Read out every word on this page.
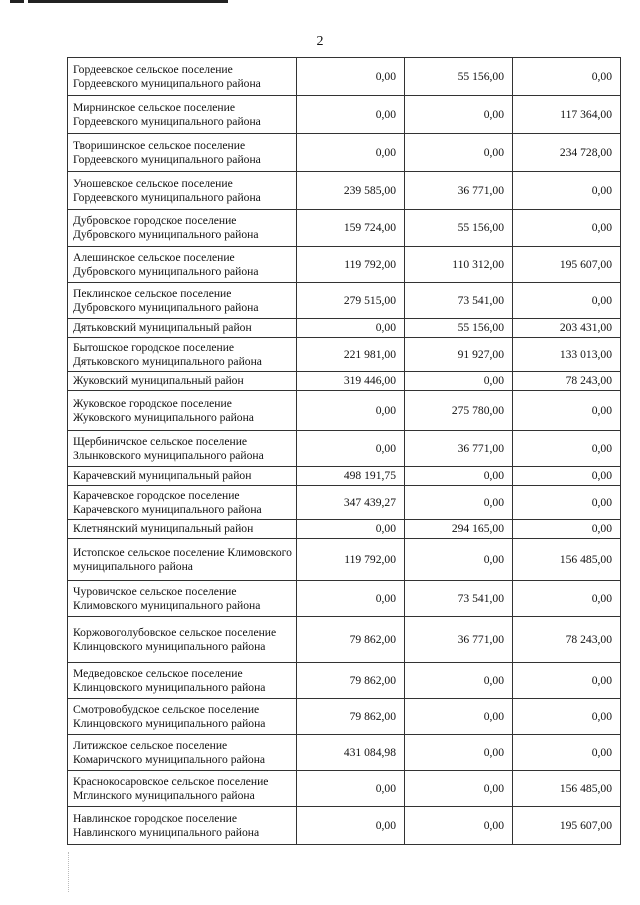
2
Гордеевское сельское поселение Гордеевского муниципального района	0,00	55 156,00	0,00
Мирнинское сельское поселение Гордеевского муниципального района	0,00	0,00	117 364,00
Творишинское сельское поселение Гордеевского муниципального района	0,00	0,00	234 728,00
Уношевское сельское поселение Гордеевского муниципального района	239 585,00	36 771,00	0,00
Дубровское городское поселение Дубровского муниципального района	159 724,00	55 156,00	0,00
Алешинское сельское поселение Дубровского муниципального района	119 792,00	110 312,00	195 607,00
Пеклинское сельское поселение Дубровского муниципального района	279 515,00	73 541,00	0,00
Дятьковский муниципальный район	0,00	55 156,00	203 431,00
Бытошское городское поселение Дятьковского муниципального района	221 981,00	91 927,00	133 013,00
Жуковский муниципальный район	319 446,00	0,00	78 243,00
Жуковское городское поселение Жуковского муниципального района	0,00	275 780,00	0,00
Щербиничское сельское поселение Злынковского муниципального района	0,00	36 771,00	0,00
Карачевский муниципальный район	498 191,75	0,00	0,00
Карачевское городское поселение Карачевского муниципального района	347 439,27	0,00	0,00
Клетнянский муниципальный район	0,00	294 165,00	0,00
Истопское сельское поселение Климовского муниципального района	119 792,00	0,00	156 485,00
Чуровичское сельское поселение Климовского муниципального района	0,00	73 541,00	0,00
Коржовоголубовское сельское поселение Клинцовского муниципального района	79 862,00	36 771,00	78 243,00
Медведовское сельское поселение Клинцовского муниципального района	79 862,00	0,00	0,00
Смотровобудское сельское поселение Клинцовского муниципального района	79 862,00	0,00	0,00
Литижское сельское поселение Комаричского муниципального района	431 084,98	0,00	0,00
Краснокосаровское сельское поселение Мглинского муниципального района	0,00	0,00	156 485,00
Навлинское городское поселение Навлинского муниципального района	0,00	0,00	195 607,00
